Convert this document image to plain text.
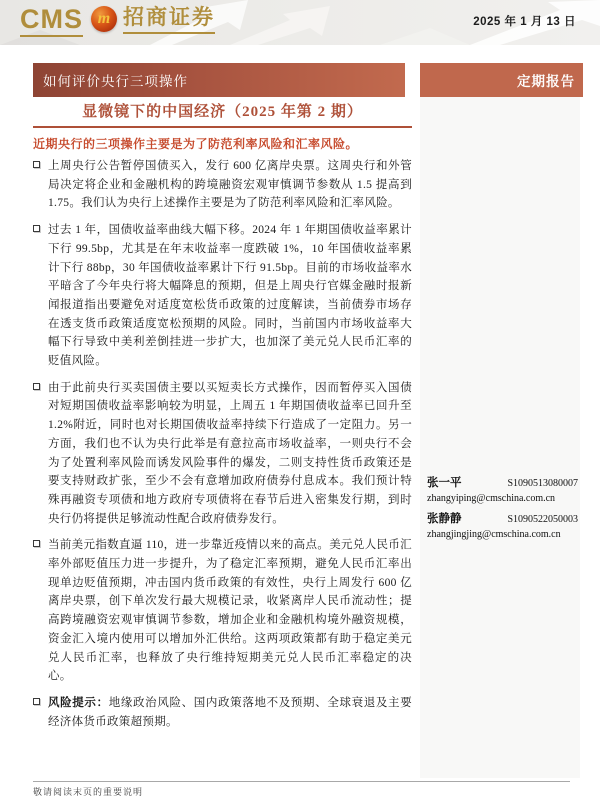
CMS m 招商证券	2025 年 1 月 13 日
如何评价央行三项操作	定期报告
显微镜下的中国经济（2025 年第 2 期）
近期央行的三项操作主要是为了防范利率风险和汇率风险。

上周央行公告暂停国债买入，发行 600 亿离岸央票。这周央行和外管局决定将企业和金融机构的跨境融资宏观审慎调节参数从 1.5 提高到 1.75。我们认为央行上述操作主要是为了防范利率风险和汇率风险。

过去 1 年，国债收益率曲线大幅下移。2024 年 1 年期国债收益率累计下行 99.5bp，尤其是在年末收益率一度跌破 1%，10 年国债收益率累计下行 88bp，30 年国债收益率累计下行 91.5bp。目前的市场收益率水平暗含了今年央行将大幅降息的预期，但是上周央行官媒金融时报新闻报道指出要避免对适度宽松货币政策的过度解读，当前债券市场存在透支货币政策适度宽松预期的风险。同时，当前国内市场收益率大幅下行导致中美利差倒挂进一步扩大，也加深了美元兑人民币汇率的贬值风险。

由于此前央行买卖国债主要以买短卖长方式操作，因而暂停买入国债对短期国债收益率影响较为明显，上周五 1 年期国债收益率已回升至 1.2%附近，同时也对长期国债收益率持续下行造成了一定阻力。另一方面，我们也不认为央行此举是有意拉高市场收益率，一则央行不会为了处置利率风险而诱发风险事件的爆发，二则支持性货币政策还是要支持财政扩张，至少不会有意增加政府债券付息成本。我们预计特殊再融资专项债和地方政府专项债将在春节后进入密集发行期，到时央行仍将提供足够流动性配合政府债券发行。

当前美元指数直逼 110，进一步靠近疫情以来的高点。美元兑人民币汇率外部贬值压力进一步提升，为了稳定汇率预期，避免人民币汇率出现单边贬值预期，冲击国内货币政策的有效性，央行上周发行 600 亿离岸央票，创下单次发行最大规模记录，收紧离岸人民币流动性；提高跨境融资宏观审慎调节参数，增加企业和金融机构境外融资规模，资金汇入境内使用可以增加外汇供给。这两项政策都有助于稳定美元兑人民币汇率，也释放了央行维持短期美元兑人民币汇率稳定的决心。

风险提示：地缘政治风险、国内政策落地不及预期、全球衰退及主要经济体货币政策超预期。

张一平	S1090513080007
zhangyiping@cmschina.com.cn
张静静	S1090522050003
zhangjingjing@cmschina.com.cn
敬请阅读末页的重要说明
